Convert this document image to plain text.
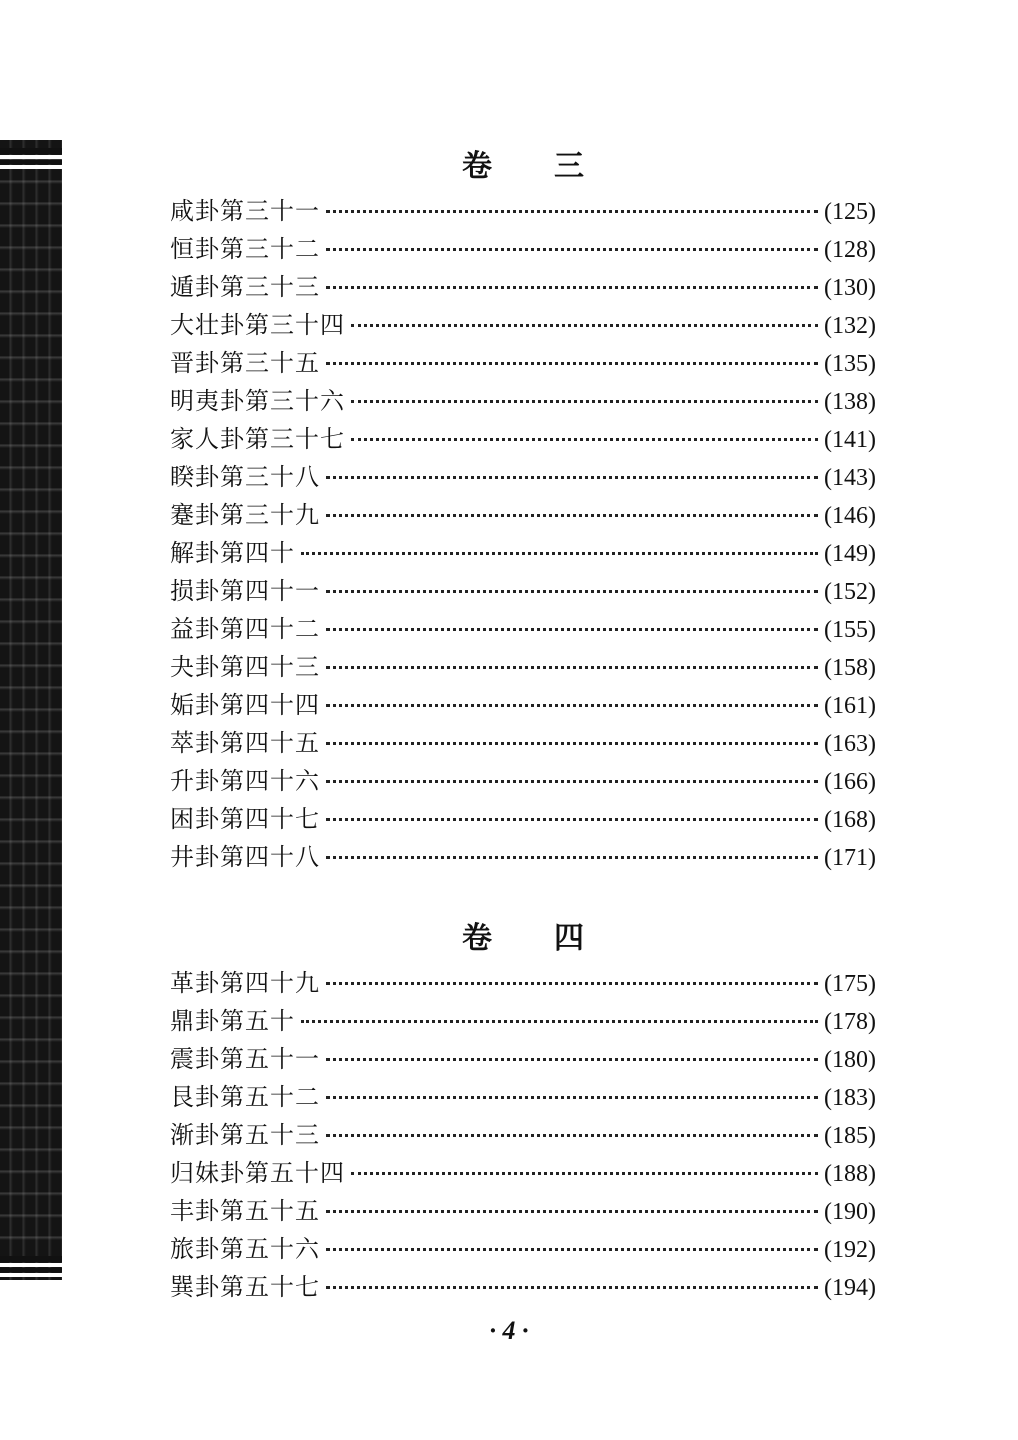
卷三
咸卦第三十一	(125)
恒卦第三十二	(128)
遁卦第三十三	(130)
大壮卦第三十四	(132)
晋卦第三十五	(135)
明夷卦第三十六	(138)
家人卦第三十七	(141)
睽卦第三十八	(143)
蹇卦第三十九	(146)
解卦第四十	(149)
损卦第四十一	(152)
益卦第四十二	(155)
夬卦第四十三	(158)
姤卦第四十四	(161)
萃卦第四十五	(163)
升卦第四十六	(166)
困卦第四十七	(168)
井卦第四十八	(171)
卷四
革卦第四十九	(175)
鼎卦第五十	(178)
震卦第五十一	(180)
艮卦第五十二	(183)
渐卦第五十三	(185)
归妹卦第五十四	(188)
丰卦第五十五	(190)
旅卦第五十六	(192)
巽卦第五十七	(194)
· 4 ·
